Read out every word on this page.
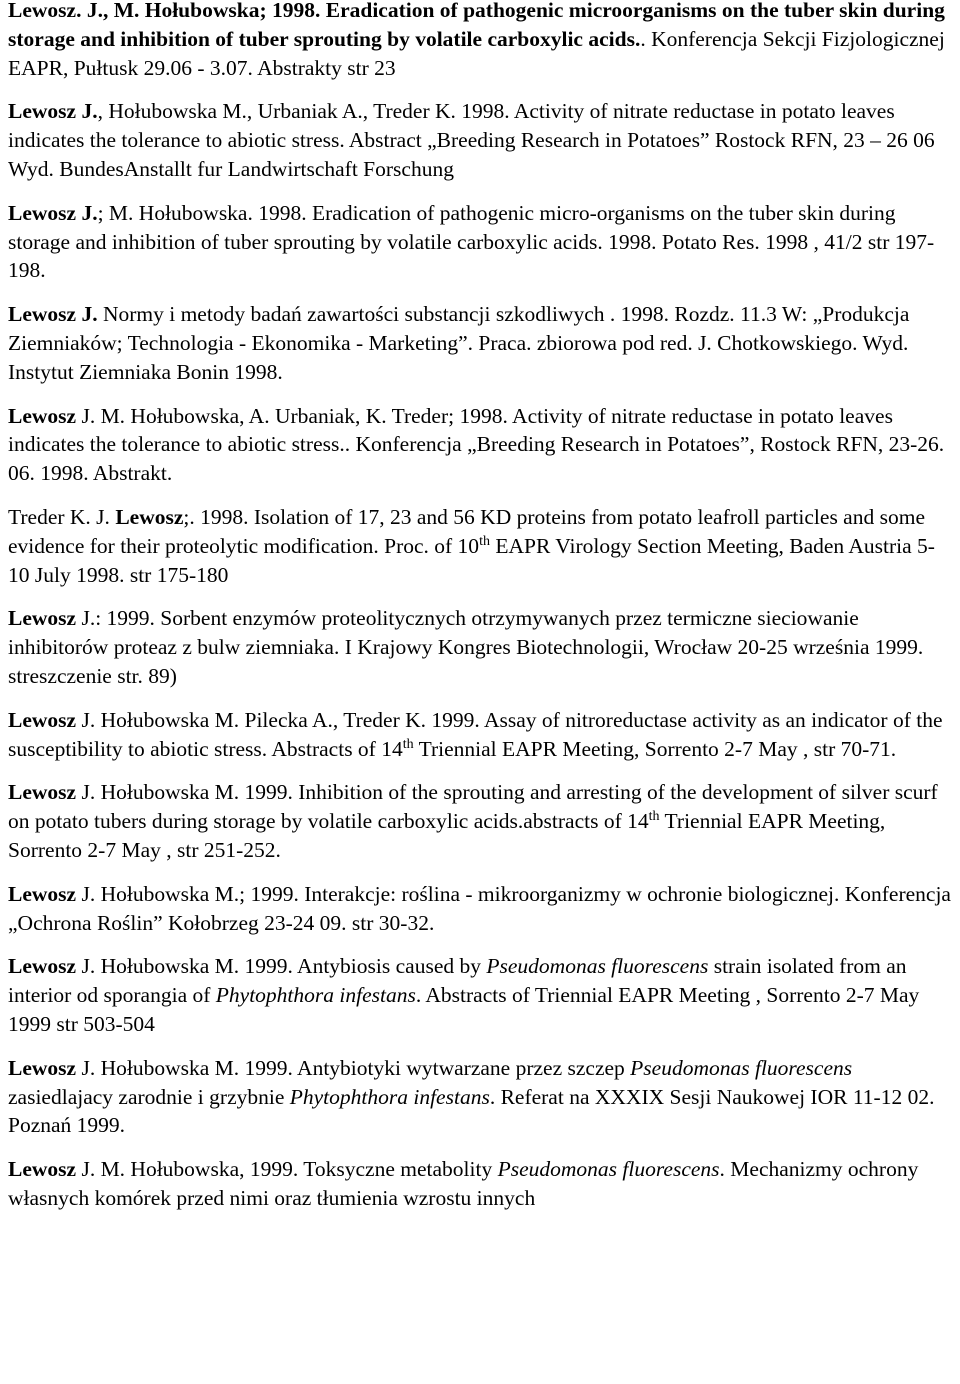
Lewosz. J., M. Hołubowska; 1998. Eradication of pathogenic microorganisms on the tuber skin during storage and inhibition of tuber sprouting by volatile carboxylic acids.. Konferencja Sekcji Fizjologicznej EAPR, Pułtusk 29.06 - 3.07. Abstrakty str 23

Lewosz J., Hołubowska M., Urbaniak A., Treder K. 1998. Activity of nitrate reductase in potato leaves indicates the tolerance to abiotic stress. Abstract „Breeding Research in Potatoes” Rostock RFN, 23 – 26 06 Wyd. BundesAnstallt fur Landwirtschaft Forschung

Lewosz J.; M. Hołubowska. 1998. Eradication of pathogenic micro-organisms on the tuber skin during storage and inhibition of tuber sprouting by volatile carboxylic acids. 1998. Potato Res. 1998 , 41/2 str 197-198.

Lewosz J. Normy i metody badań zawartości substancji szkodliwych . 1998. Rozdz. 11.3 W: „Produkcja Ziemniaków; Technologia - Ekonomika - Marketing”. Praca. zbiorowa pod red. J. Chotkowskiego. Wyd. Instytut Ziemniaka Bonin 1998.

Lewosz J. M. Hołubowska, A. Urbaniak, K. Treder; 1998. Activity of nitrate reductase in potato leaves indicates the tolerance to abiotic stress.. Konferencja „Breeding Research in Potatoes”, Rostock RFN, 23-26. 06. 1998. Abstrakt.

Treder K. J. Lewosz;. 1998. Isolation of 17, 23 and 56 KD proteins from potato leafroll particles and some evidence for their proteolytic modification. Proc. of 10th EAPR Virology Section Meeting, Baden Austria 5-10 July 1998. str 175-180

Lewosz J.: 1999. Sorbent enzymów proteolitycznych otrzymywanych przez termiczne sieciowanie inhibitorów proteaz z bulw ziemniaka. I Krajowy Kongres Biotechnologii, Wrocław 20-25 września 1999. streszczenie str. 89)

Lewosz J. Hołubowska M. Pilecka A., Treder K. 1999. Assay of nitroreductase activity as an indicator of the susceptibility to abiotic stress. Abstracts of 14th Triennial EAPR Meeting, Sorrento 2-7 May , str 70-71.

Lewosz J. Hołubowska M. 1999. Inhibition of the sprouting and arresting of the development of silver scurf on potato tubers during storage by volatile carboxylic acids.abstracts of 14th Triennial EAPR Meeting, Sorrento 2-7 May , str 251-252.

Lewosz J. Hołubowska M.; 1999. Interakcje: roślina - mikroorganizmy w ochronie biologicznej. Konferencja „Ochrona Roślin” Kołobrzeg 23-24 09. str 30-32.

Lewosz J. Hołubowska M. 1999. Antybiosis caused by Pseudomonas fluorescens strain isolated from an interior od sporangia of Phytophthora infestans. Abstracts of Triennial EAPR Meeting , Sorrento 2-7 May 1999 str 503-504

Lewosz J. Hołubowska M. 1999. Antybiotyki wytwarzane przez szczep Pseudomonas fluorescens zasiedlajacy zarodnie i grzybnie Phytophthora infestans. Referat na XXXIX Sesji Naukowej IOR 11-12 02. Poznań 1999.

Lewosz J. M. Hołubowska, 1999. Toksyczne metabolity Pseudomonas fluorescens. Mechanizmy ochrony własnych komórek przed nimi oraz tłumienia wzrostu innych
